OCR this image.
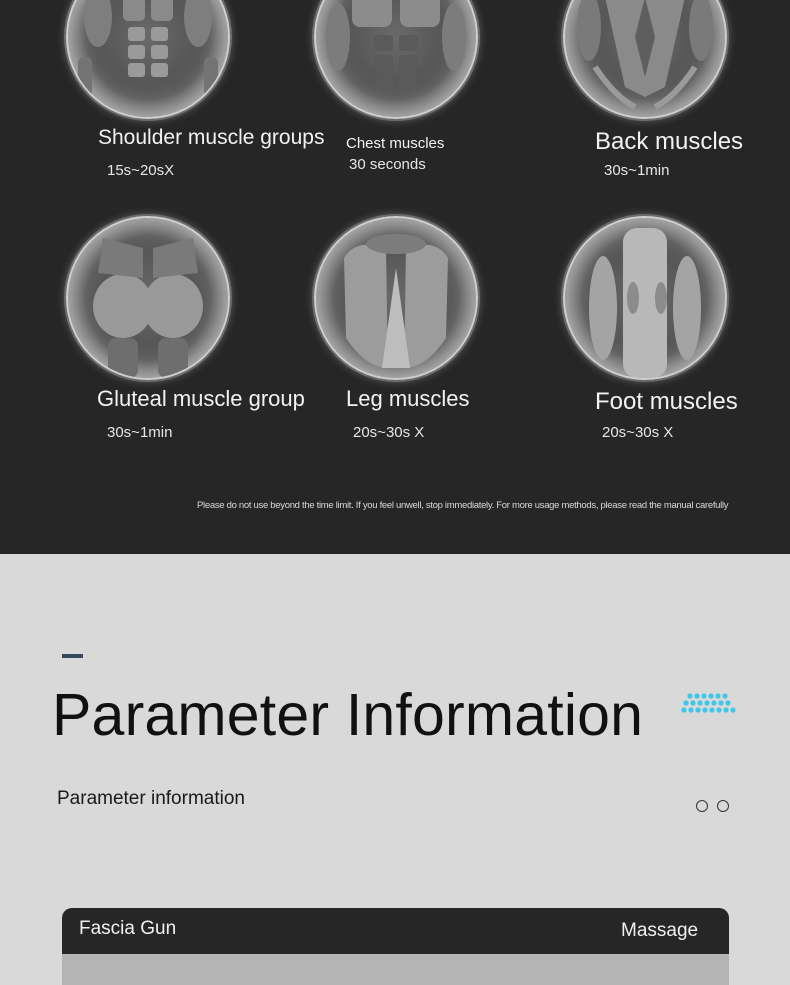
Shoulder muscle groups
15s~20sX
Chest muscles
30 seconds
Back muscles
30s~1min
Gluteal muscle group
30s~1min
Leg muscles
20s~30s X
Foot muscles
20s~30s X
Please do not use beyond the time limit. If you feel unwell, stop immediately. For more usage methods, please read the manual carefully
Parameter Information
Parameter information
Fascia Gun	Massage
